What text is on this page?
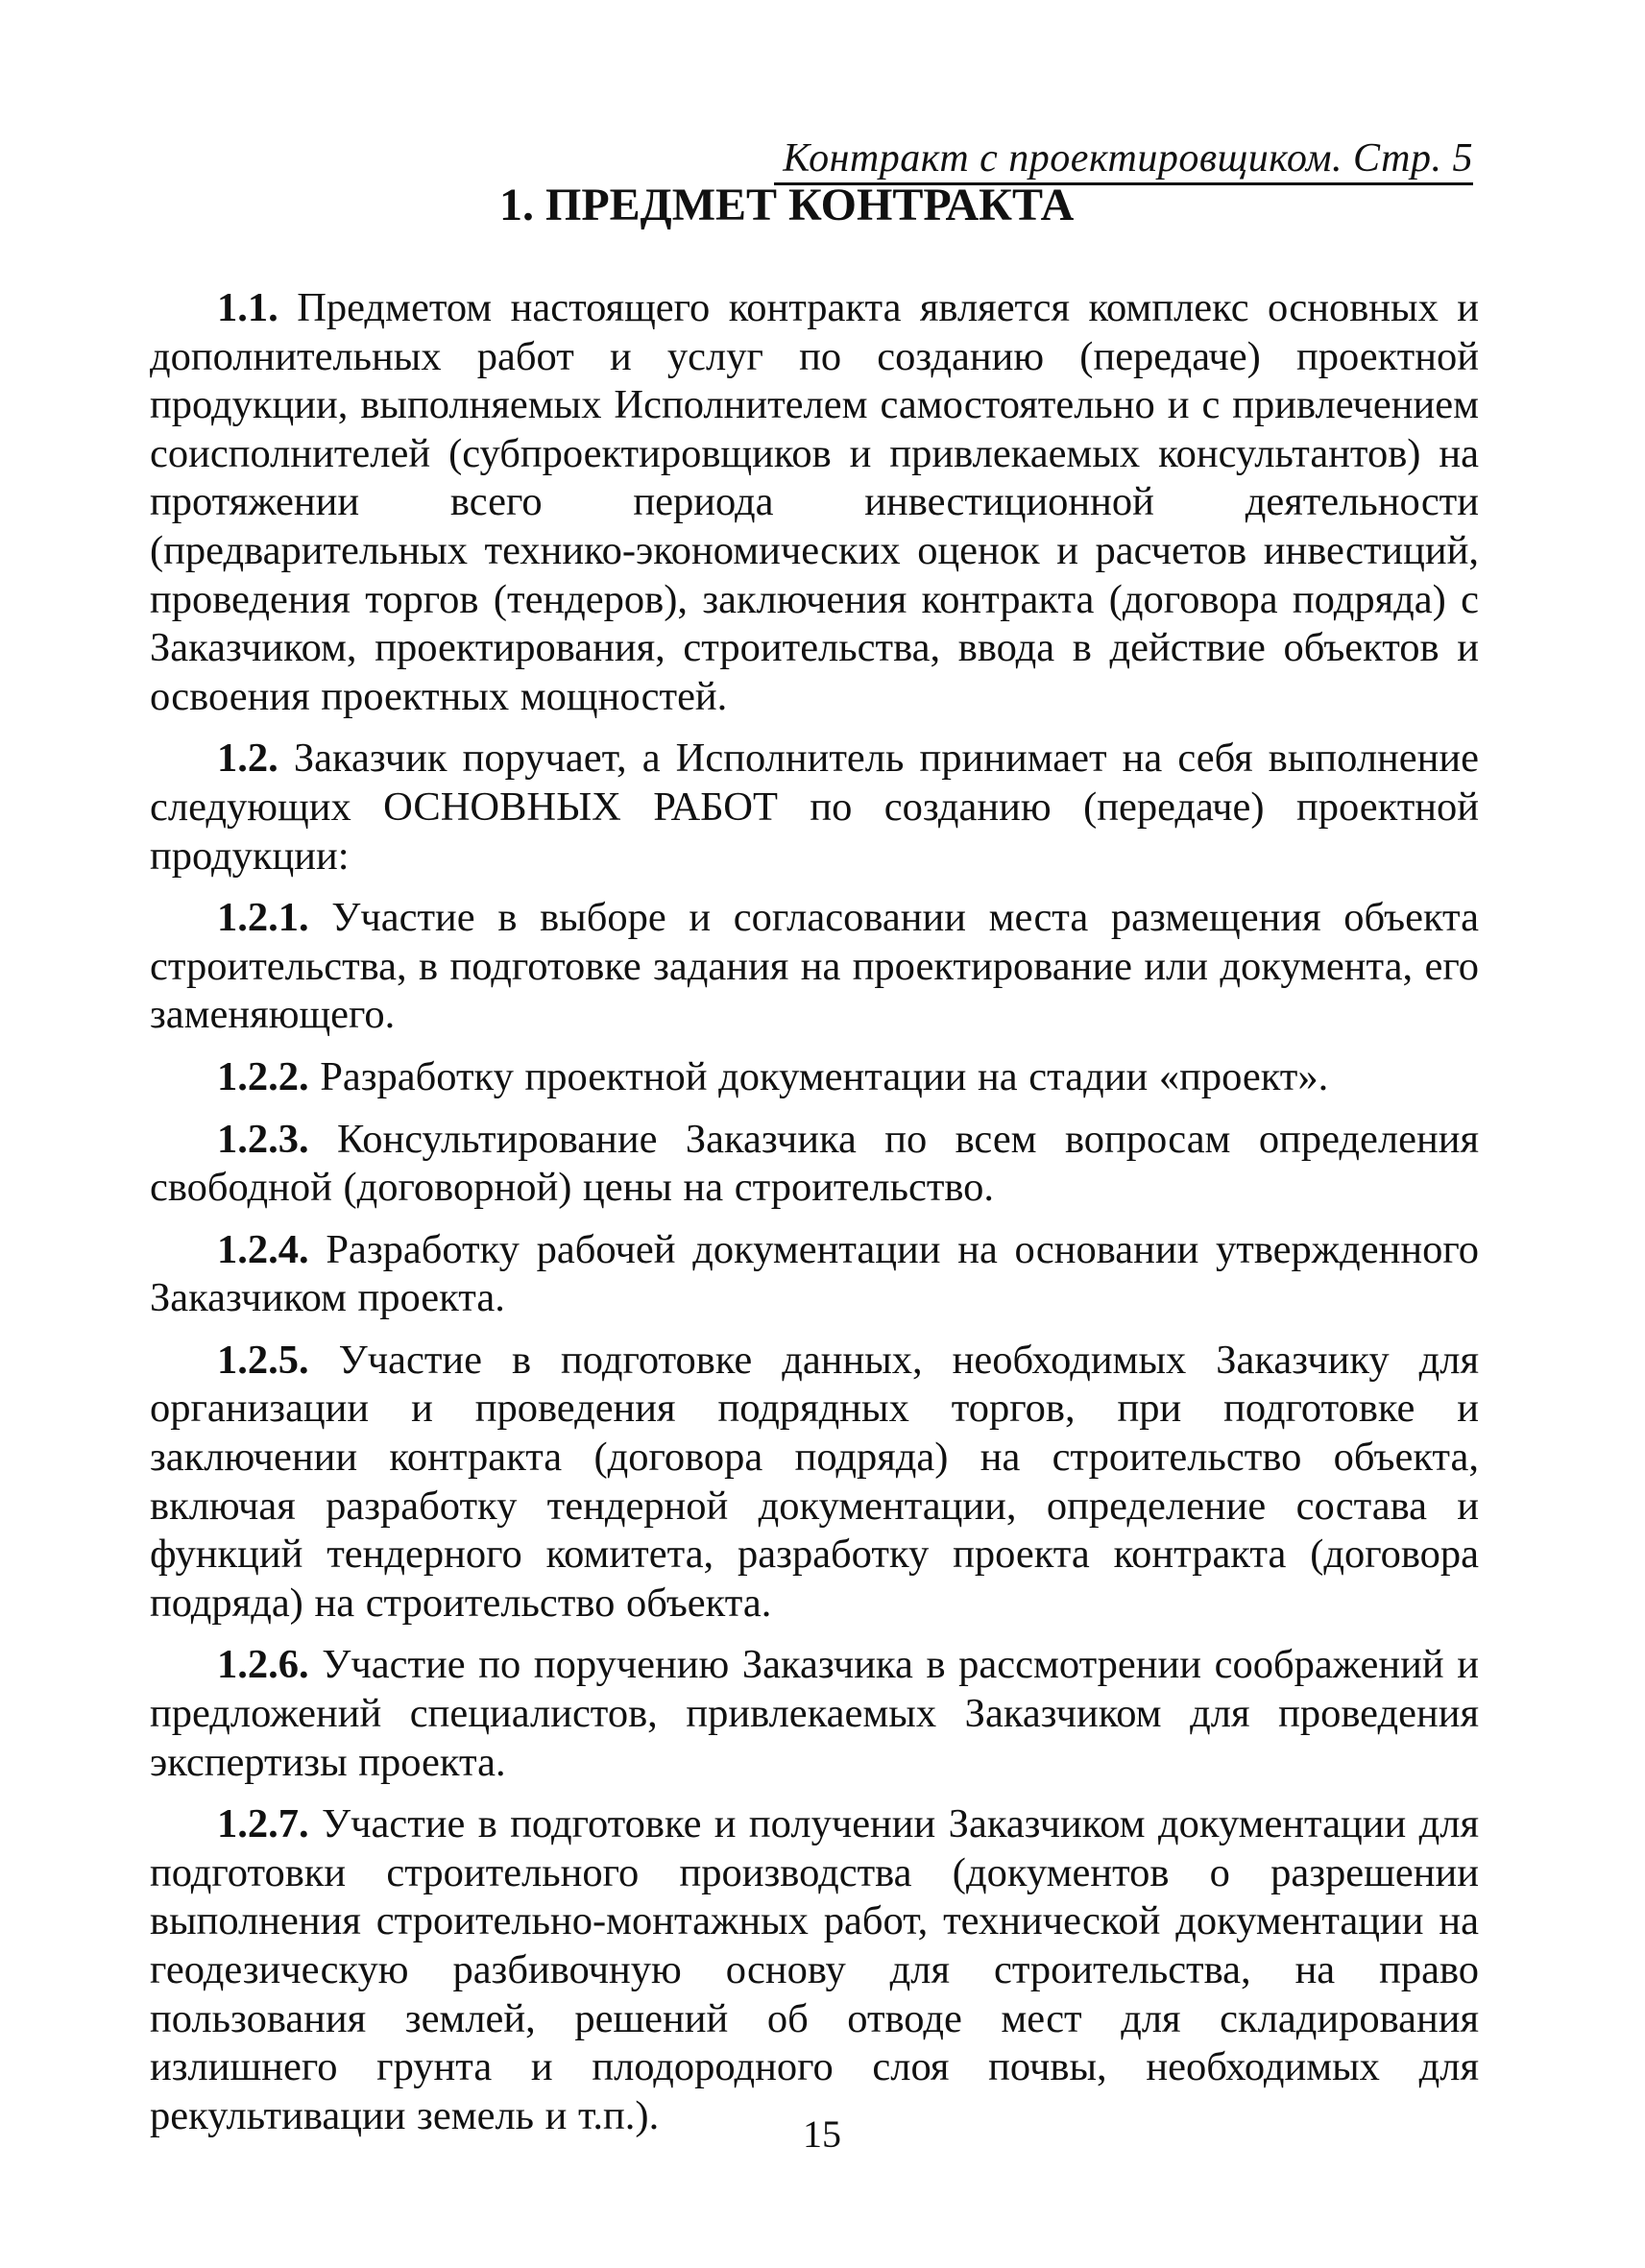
Контракт с проектировщиком. Стр. 5
1. ПРЕДМЕТ КОНТРАКТА

1.1. Предметом настоящего контракта является комплекс основных и дополнительных работ и услуг по созданию (передаче) проектной продукции, выполняемых Исполнителем самостоятельно и с привлечением соисполнителей (субпроектировщиков и привлекаемых консультантов) на протяжении всего периода инвестиционной деятельности (предварительных технико-экономических оценок и расчетов инвестиций, проведения торгов (тендеров), заключения контракта (договора подряда) с Заказчиком, проектирования, строительства, ввода в действие объектов и освоения проектных мощностей.

1.2. Заказчик поручает, а Исполнитель принимает на себя выполнение следующих ОСНОВНЫХ РАБОТ по созданию (передаче) проектной продукции:

1.2.1. Участие в выборе и согласовании места размещения объекта строительства, в подготовке задания на проектирование или документа, его заменяющего.

1.2.2. Разработку проектной документации на стадии «проект».

1.2.3. Консультирование Заказчика по всем вопросам определения свободной (договорной) цены на строительство.

1.2.4. Разработку рабочей документации на основании утвержденного Заказчиком проекта.

1.2.5. Участие в подготовке данных, необходимых Заказчику для организации и проведения подрядных торгов, при подготовке и заключении контракта (договора подряда) на строительство объекта, включая разработку тендерной документации, определение состава и функций тендерного комитета, разработку проекта контракта (договора подряда) на строительство объекта.

1.2.6. Участие по поручению Заказчика в рассмотрении соображений и предложений специалистов, привлекаемых Заказчиком для проведения экспертизы проекта.

1.2.7. Участие в подготовке и получении Заказчиком документации для подготовки строительного производства (документов о разрешении выполнения строительно-монтажных работ, технической документации на геодезическую разбивочную основу для строительства, на право пользования землей, решений об отводе мест для складирования излишнего грунта и плодородного слоя почвы, необходимых для рекультивации земель и т.п.).	15
